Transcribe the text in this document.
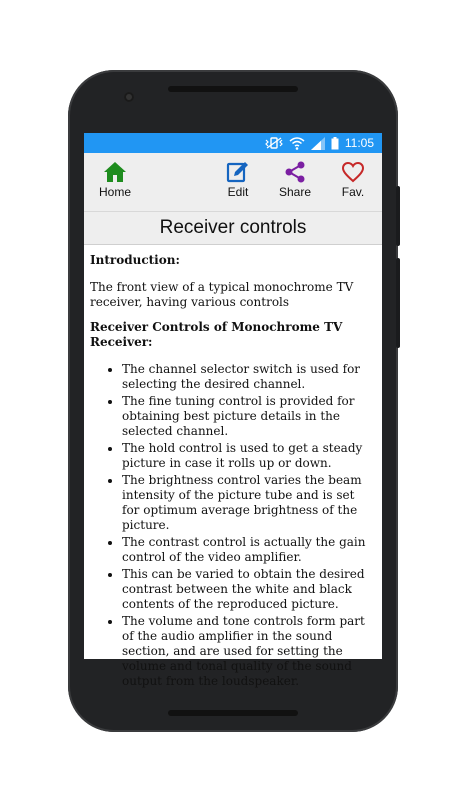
11:05
Home	Edit	Share	Fav.
Receiver controls
Introduction:

The front view of a typical monochrome TV receiver, having various controls

Receiver Controls of Monochrome TV Receiver:
• The channel selector switch is used for selecting the desired channel.
• The fine tuning control is provided for obtaining best picture details in the selected channel.
• The hold control is used to get a steady picture in case it rolls up or down.
• The brightness control varies the beam intensity of the picture tube and is set for optimum average brightness of the picture.
• The contrast control is actually the gain control of the video amplifier.
• This can be varied to obtain the desired contrast between the white and black contents of the reproduced picture.
• The volume and tone controls form part of the audio amplifier in the sound section, and are used for setting the volume and tonal quality of the sound output from the loudspeaker.
